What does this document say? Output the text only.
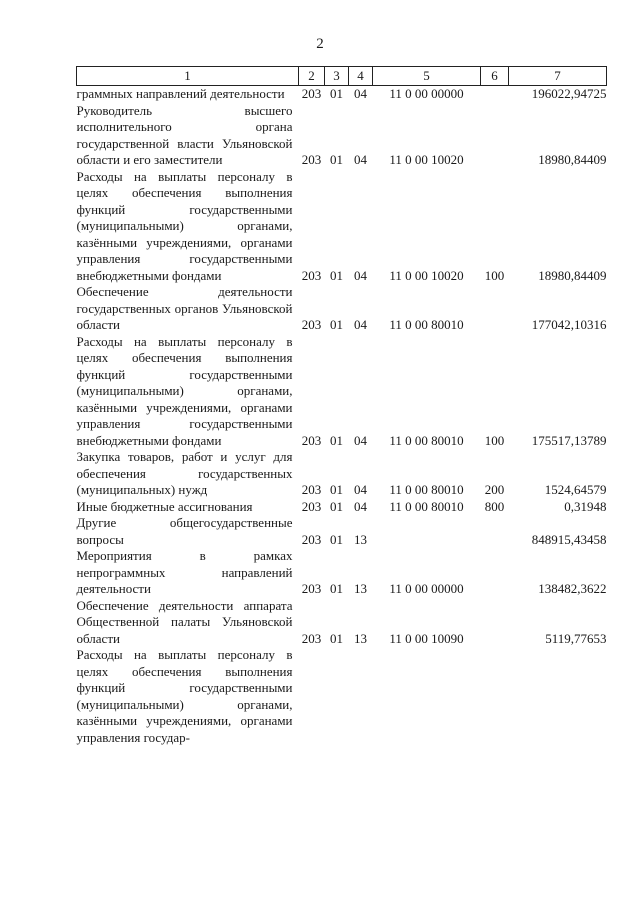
2
1	2	3	4	5	6	7
граммных направлений деятельности	203	01	04	11 0 00 00000		196022,94725
Руководитель высшего исполнительного органа государственной власти Ульяновской области и его заместители	203	01	04	11 0 00 10020		18980,84409
Расходы на выплаты персоналу в целях обеспечения выполнения функций государственными (муниципальными) органами, казёнными учреждениями, органами управления государственными внебюджетными фондами	203	01	04	11 0 00 10020	100	18980,84409
Обеспечение деятельности государственных органов Ульяновской области	203	01	04	11 0 00 80010		177042,10316
Расходы на выплаты персоналу в целях обеспечения выполнения функций государственными (муниципальными) органами, казёнными учреждениями, органами управления государственными внебюджетными фондами	203	01	04	11 0 00 80010	100	175517,13789
Закупка товаров, работ и услуг для обеспечения государственных (муниципальных) нужд	203	01	04	11 0 00 80010	200	1524,64579
Иные бюджетные ассигнования	203	01	04	11 0 00 80010	800	0,31948
Другие общегосударственные вопросы	203	01	13			848915,43458
Мероприятия в рамках непрограммных направлений деятельности	203	01	13	11 0 00 00000		138482,3622
Обеспечение деятельности аппарата Общественной палаты Ульяновской области	203	01	13	11 0 00 10090		5119,77653
Расходы на выплаты персоналу в целях обеспечения выполнения функций государственными (муниципальными) органами, казёнными учреждениями, органами управления государ-						
